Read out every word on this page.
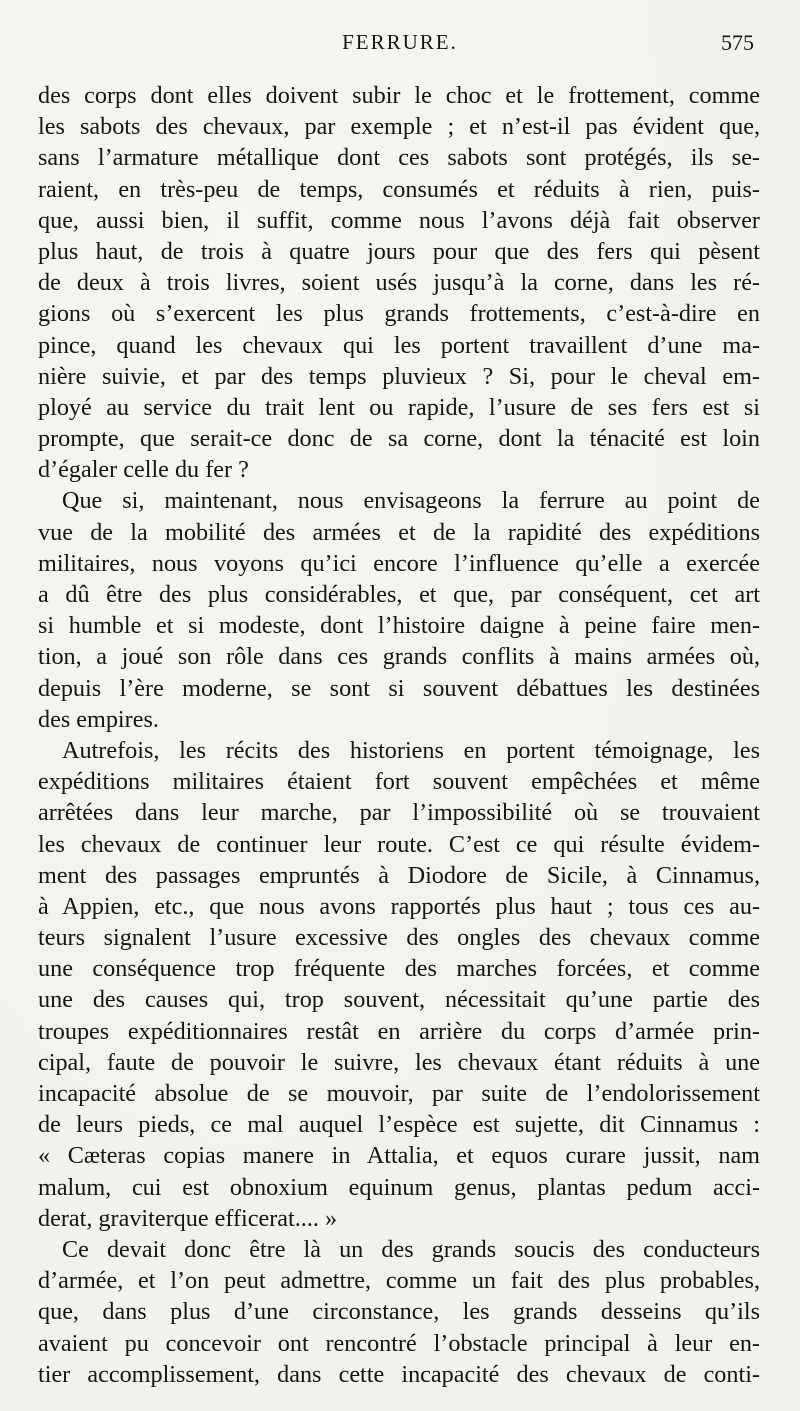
FERRURE.	575
des corps dont elles doivent subir le choc et le frottement, comme
les sabots des chevaux, par exemple ; et n’est-il pas évident que,
sans l’armature métallique dont ces sabots sont protégés, ils se-
raient, en très-peu de temps, consumés et réduits à rien, puis-
que, aussi bien, il suffit, comme nous l’avons déjà fait observer
plus haut, de trois à quatre jours pour que des fers qui pèsent
de deux à trois livres, soient usés jusqu’à la corne, dans les ré-
gions où s’exercent les plus grands frottements, c’est-à-dire en
pince, quand les chevaux qui les portent travaillent d’une ma-
nière suivie, et par des temps pluvieux ? Si, pour le cheval em-
ployé au service du trait lent ou rapide, l’usure de ses fers est si
prompte, que serait-ce donc de sa corne, dont la ténacité est loin
d’égaler celle du fer ?
Que si, maintenant, nous envisageons la ferrure au point de
vue de la mobilité des armées et de la rapidité des expéditions
militaires, nous voyons qu’ici encore l’influence qu’elle a exercée
a dû être des plus considérables, et que, par conséquent, cet art
si humble et si modeste, dont l’histoire daigne à peine faire men-
tion, a joué son rôle dans ces grands conflits à mains armées où,
depuis l’ère moderne, se sont si souvent débattues les destinées
des empires.
Autrefois, les récits des historiens en portent témoignage, les
expéditions militaires étaient fort souvent empêchées et même
arrêtées dans leur marche, par l’impossibilité où se trouvaient
les chevaux de continuer leur route. C’est ce qui résulte évidem-
ment des passages empruntés à Diodore de Sicile, à Cinnamus,
à Appien, etc., que nous avons rapportés plus haut ; tous ces au-
teurs signalent l’usure excessive des ongles des chevaux comme
une conséquence trop fréquente des marches forcées, et comme
une des causes qui, trop souvent, nécessitait qu’une partie des
troupes expéditionnaires restât en arrière du corps d’armée prin-
cipal, faute de pouvoir le suivre, les chevaux étant réduits à une
incapacité absolue de se mouvoir, par suite de l’endolorissement
de leurs pieds, ce mal auquel l’espèce est sujette, dit Cinnamus :
« Cæteras copias manere in Attalia, et equos curare jussit, nam
malum, cui est obnoxium equinum genus, plantas pedum acci-
derat, graviterque efficerat.... »
Ce devait donc être là un des grands soucis des conducteurs
d’armée, et l’on peut admettre, comme un fait des plus probables,
que, dans plus d’une circonstance, les grands desseins qu’ils
avaient pu concevoir ont rencontré l’obstacle principal à leur en-
tier accomplissement, dans cette incapacité des chevaux de conti-
